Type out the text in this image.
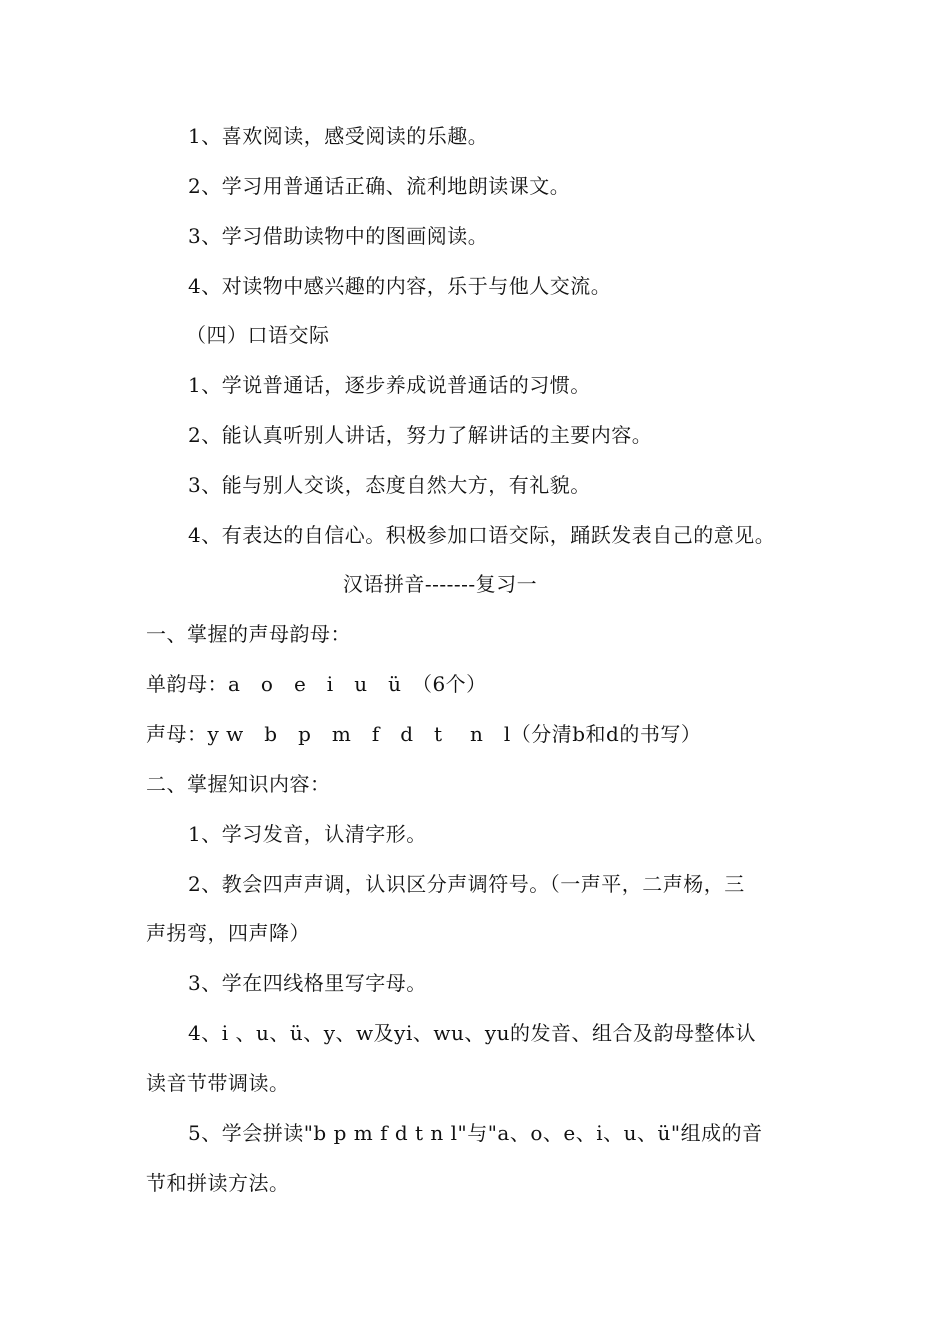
1、喜欢阅读，感受阅读的乐趣。
2、学习用普通话正确、流利地朗读课文。
3、学习借助读物中的图画阅读。
4、对读物中感兴趣的内容，乐于与他人交流。
（四）口语交际
1、学说普通话，逐步养成说普通话的习惯。
2、能认真听别人讲话，努力了解讲话的主要内容。
3、能与别人交谈，态度自然大方，有礼貌。
4、有表达的自信心。积极参加口语交际，踊跃发表自己的意见。
汉语拼音-------复习一
一、掌握的声母韵母：
单韵母：a　o　e　i　u　ü　（6个）
声母：y w　b　p　m　f　d　t　 n　l（分清b和d的书写）
二、掌握知识内容：
1、学习发音，认清字形。
2、教会四声声调，认识区分声调符号。（一声平，二声杨，三
声拐弯，四声降）
3、学在四线格里写字母。
4、i 、u、ü、y、w及yi、wu、yu的发音、组合及韵母整体认
读音节带调读。
5、学会拼读"b p m f d t n l"与"a、o、e、i、u、ü"组成的音
节和拼读方法。
